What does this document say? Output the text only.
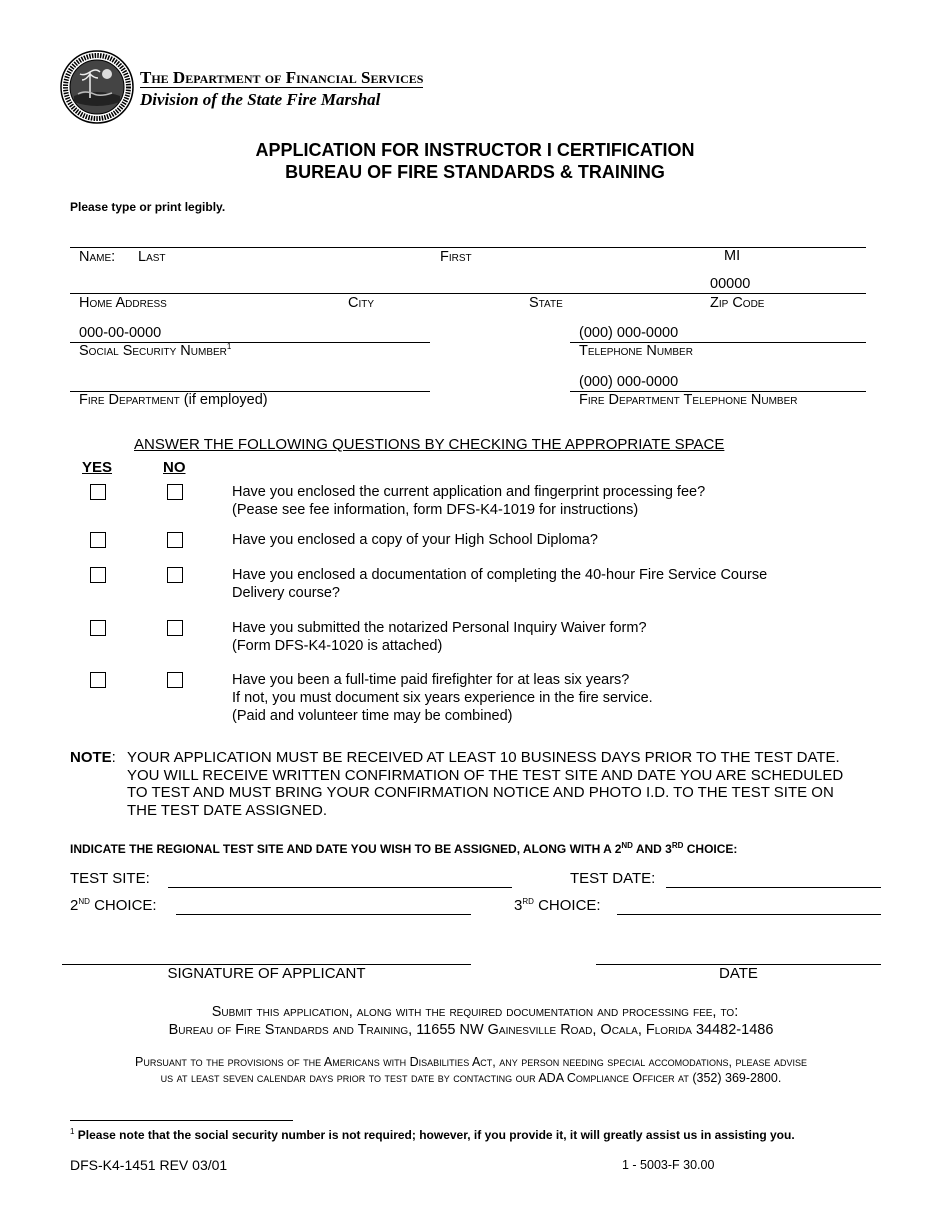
The Department of Financial Services
Division of the State Fire Marshal
APPLICATION FOR INSTRUCTOR I CERTIFICATION
BUREAU OF FIRE STANDARDS & TRAINING
Please type or print legibly.
Name: Last	First	MI
00000
Home Address	City	State	Zip Code
000-00-0000
Social Security Number$^1$
(000) 000-0000
Telephone Number
(000) 000-0000
Fire Department (if employed)	Fire Department Telephone Number
ANSWER THE FOLLOWING QUESTIONS BY CHECKING THE APPROPRIATE SPACE
YES	NO
Have you enclosed the current application and fingerprint processing fee?
(Pease see fee information, form DFS-K4-1019 for instructions)
Have you enclosed a copy of your High School Diploma?
Have you enclosed a documentation of completing the 40-hour Fire Service Course
Delivery course?
Have you submitted the notarized Personal Inquiry Waiver form?
(Form DFS-K4-1020 is attached)
Have you been a full-time paid firefighter for at leas six years?
If not, you must document six years experience in the fire service.
(Paid and volunteer time may be combined)
NOTE: YOUR APPLICATION MUST BE RECEIVED AT LEAST 10 BUSINESS DAYS PRIOR TO THE TEST DATE.
YOU WILL RECEIVE WRITTEN CONFIRMATION OF THE TEST SITE AND DATE YOU ARE SCHEDULED
TO TEST AND MUST BRING YOUR CONFIRMATION NOTICE AND PHOTO I.D. TO THE TEST SITE ON
THE TEST DATE ASSIGNED.
INDICATE THE REGIONAL TEST SITE AND DATE YOU WISH TO BE ASSIGNED, ALONG WITH A 2ND AND 3RD CHOICE:
TEST SITE:	TEST DATE:
2ND CHOICE:	3RD CHOICE:
SIGNATURE OF APPLICANT	DATE
Submit this application, along with the required documentation and processing fee, to:
Bureau of Fire Standards and Training, 11655 NW Gainesville Road, Ocala, Florida 34482-1486
Pursuant to the provisions of the Americans with Disabilities Act, any person needing special accomodations, please advise
us at least seven calendar days prior to test date by contacting our ADA Compliance Officer at (352) 369-2800.
$^1$ Please note that the social security number is not required; however, if you provide it, it will greatly assist us in assisting you.
DFS-K4-1451 REV 03/01	1 - 5003-F 30.00
